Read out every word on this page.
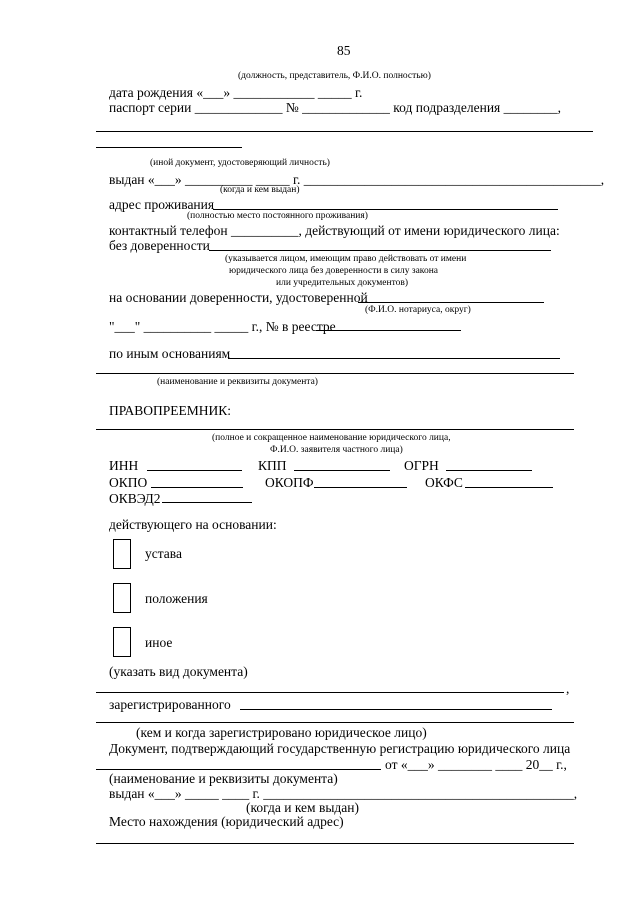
85
(должность, представитель, Ф.И.О. полностью)
дата рождения «___» ____________ _____ г.
паспорт серии _____________ № _____________ код подразделения ________,
(иной документ, удостоверяющий личность)
выдан «___» __________ _____ г. ____________________________________________,
(когда и кем выдан)
адрес проживания
(полностью место постоянного проживания)
контактный телефон __________, действующий от имени юридического лица:
без доверенности
(указывается лицом, имеющим право действовать от имени
юридического лица без доверенности в силу закона
или учредительных документов)
на основании доверенности, удостоверенной
(Ф.И.О. нотариуса, округ)
"___" __________ _____ г., № в реестре
по иным основаниям
(наименование и реквизиты документа)
ПРАВОПРЕЕМНИК:
(полное и сокращенное наименование юридического лица,
Ф.И.О. заявителя частного лица)
ИНН	КПП	ОГРН
ОКПО	ОКОПФ	ОКФС
ОКВЭД2
действующего на основании:
устава
положения
иное
(указать вид документа)
,
зарегистрированного
(кем и когда зарегистрировано юридическое лицо)
Документ, подтверждающий государственную регистрацию юридического лица
от «___» ________ ____ 20__ г.,
(наименование и реквизиты документа)
выдан «___» _____ ____ г. ______________________________________________,
(когда и кем выдан)
Место нахождения (юридический адрес)
